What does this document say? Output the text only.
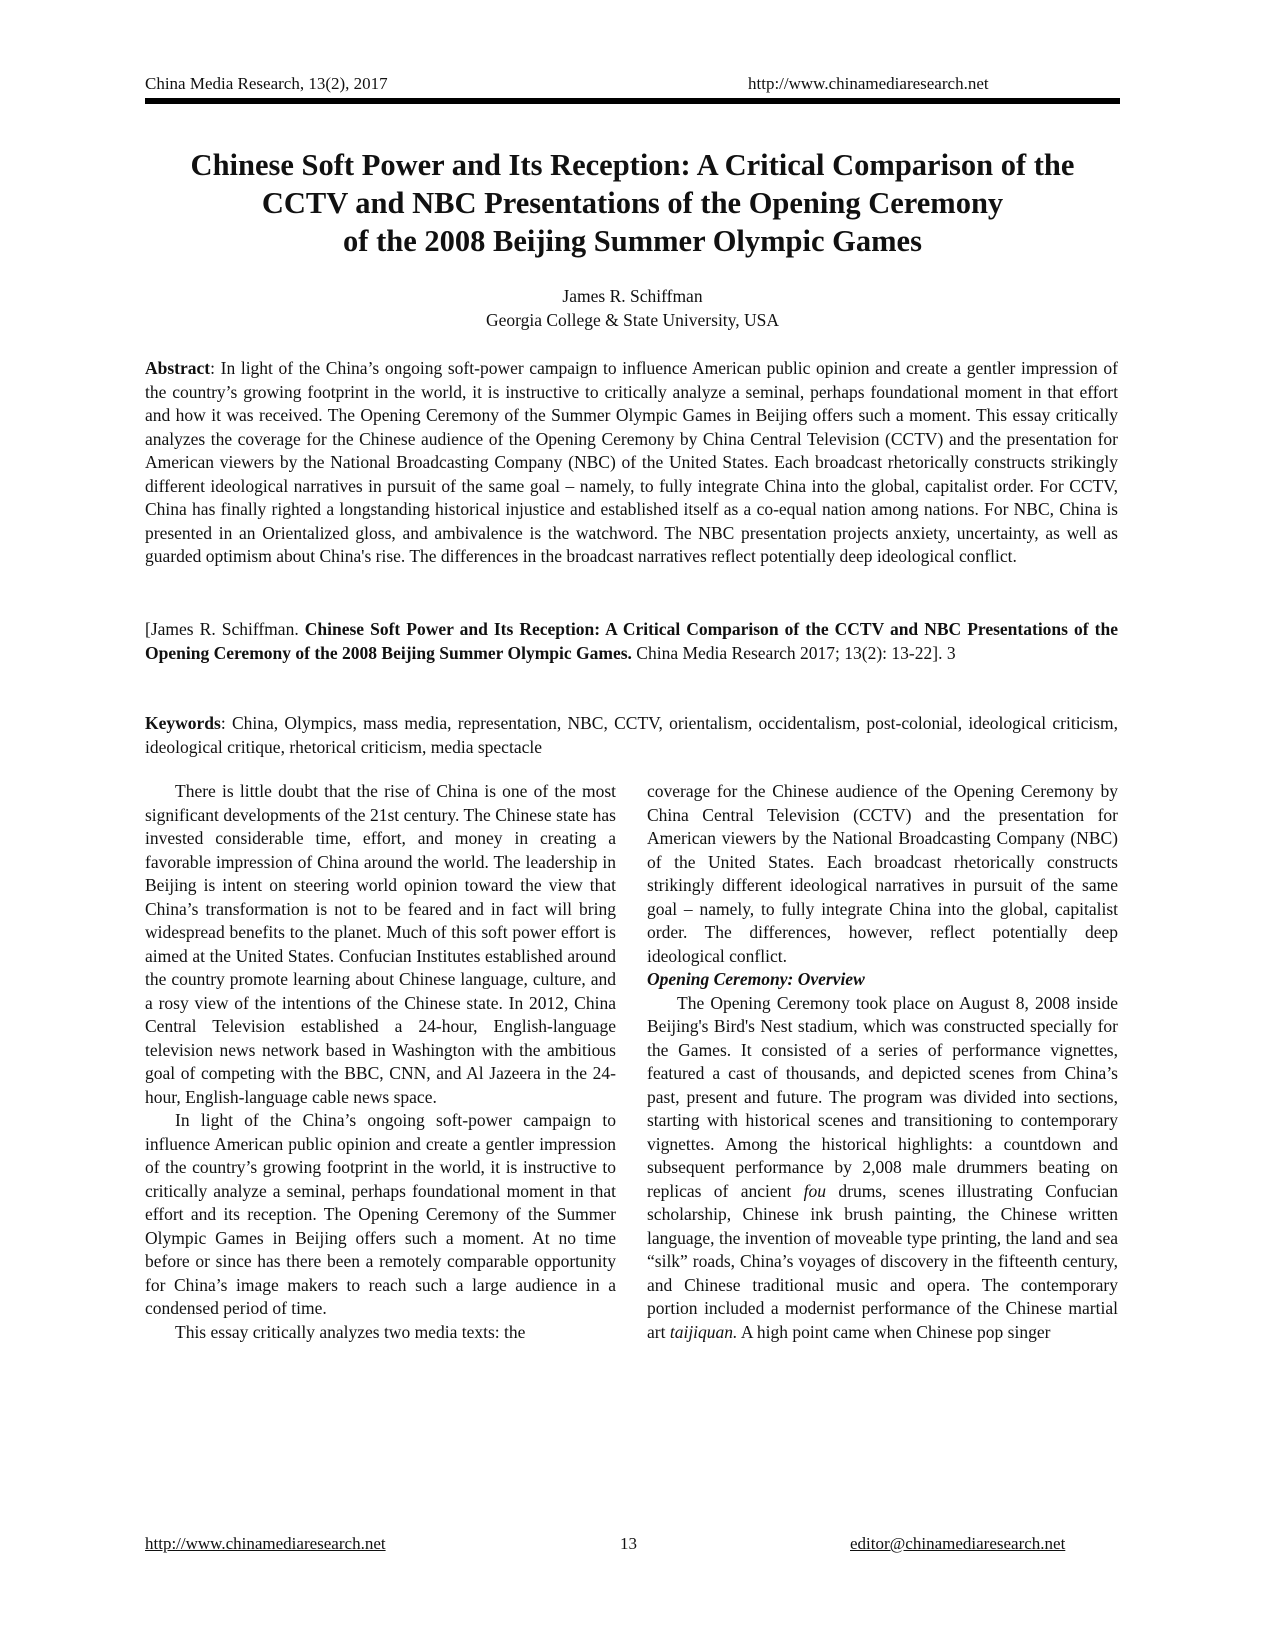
China Media Research, 13(2), 2017	http://www.chinamediaresearch.net
Chinese Soft Power and Its Reception: A Critical Comparison of the
CCTV and NBC Presentations of the Opening Ceremony
of the 2008 Beijing Summer Olympic Games
James R. Schiffman
Georgia College & State University, USA

Abstract: In light of the China’s ongoing soft-power campaign to influence American public opinion and create a gentler impression of the country’s growing footprint in the world, it is instructive to critically analyze a seminal, perhaps foundational moment in that effort and how it was received. The Opening Ceremony of the Summer Olympic Games in Beijing offers such a moment. This essay critically analyzes the coverage for the Chinese audience of the Opening Ceremony by China Central Television (CCTV) and the presentation for American viewers by the National Broadcasting Company (NBC) of the United States. Each broadcast rhetorically constructs strikingly different ideological narratives in pursuit of the same goal – namely, to fully integrate China into the global, capitalist order. For CCTV, China has finally righted a longstanding historical injustice and established itself as a co-equal nation among nations. For NBC, China is presented in an Orientalized gloss, and ambivalence is the watchword. The NBC presentation projects anxiety, uncertainty, as well as guarded optimism about China's rise. The differences in the broadcast narratives reflect potentially deep ideological conflict.

[James R. Schiffman. Chinese Soft Power and Its Reception: A Critical Comparison of the CCTV and NBC Presentations of the Opening Ceremony of the 2008 Beijing Summer Olympic Games. China Media Research 2017; 13(2): 13-22]. 3
Keywords: China, Olympics, mass media, representation, NBC, CCTV, orientalism, occidentalism, post-colonial, ideological criticism, ideological critique, rhetorical criticism, media spectacle

There is little doubt that the rise of China is one of the most significant developments of the 21st century. The Chinese state has invested considerable time, effort, and money in creating a favorable impression of China around the world. The leadership in Beijing is intent on steering world opinion toward the view that China’s transformation is not to be feared and in fact will bring widespread benefits to the planet. Much of this soft power effort is aimed at the United States. Confucian Institutes established around the country promote learning about Chinese language, culture, and a rosy view of the intentions of the Chinese state. In 2012, China Central Television established a 24-hour, English-language television news network based in Washington with the ambitious goal of competing with the BBC, CNN, and Al Jazeera in the 24-hour, English-language cable news space.

In light of the China’s ongoing soft-power campaign to influence American public opinion and create a gentler impression of the country’s growing footprint in the world, it is instructive to critically analyze a seminal, perhaps foundational moment in that effort and its reception. The Opening Ceremony of the Summer Olympic Games in Beijing offers such a moment. At no time before or since has there been a remotely comparable opportunity for China’s image makers to reach such a large audience in a condensed period of time.

This essay critically analyzes two media texts: the

coverage for the Chinese audience of the Opening Ceremony by China Central Television (CCTV) and the presentation for American viewers by the National Broadcasting Company (NBC) of the United States. Each broadcast rhetorically constructs strikingly different ideological narratives in pursuit of the same goal – namely, to fully integrate China into the global, capitalist order. The differences, however, reflect potentially deep ideological conflict.

Opening Ceremony: Overview

The Opening Ceremony took place on August 8, 2008 inside Beijing's Bird's Nest stadium, which was constructed specially for the Games. It consisted of a series of performance vignettes, featured a cast of thousands, and depicted scenes from China’s past, present and future. The program was divided into sections, starting with historical scenes and transitioning to contemporary vignettes. Among the historical highlights: a countdown and subsequent performance by 2,008 male drummers beating on replicas of ancient fou drums, scenes illustrating Confucian scholarship, Chinese ink brush painting, the Chinese written language, the invention of moveable type printing, the land and sea “silk” roads, China’s voyages of discovery in the fifteenth century, and Chinese traditional music and opera. The contemporary portion included a modernist performance of the Chinese martial art taijiquan. A high point came when Chinese pop singer

http://www.chinamediaresearch.net	13	editor@chinamediaresearch.net
